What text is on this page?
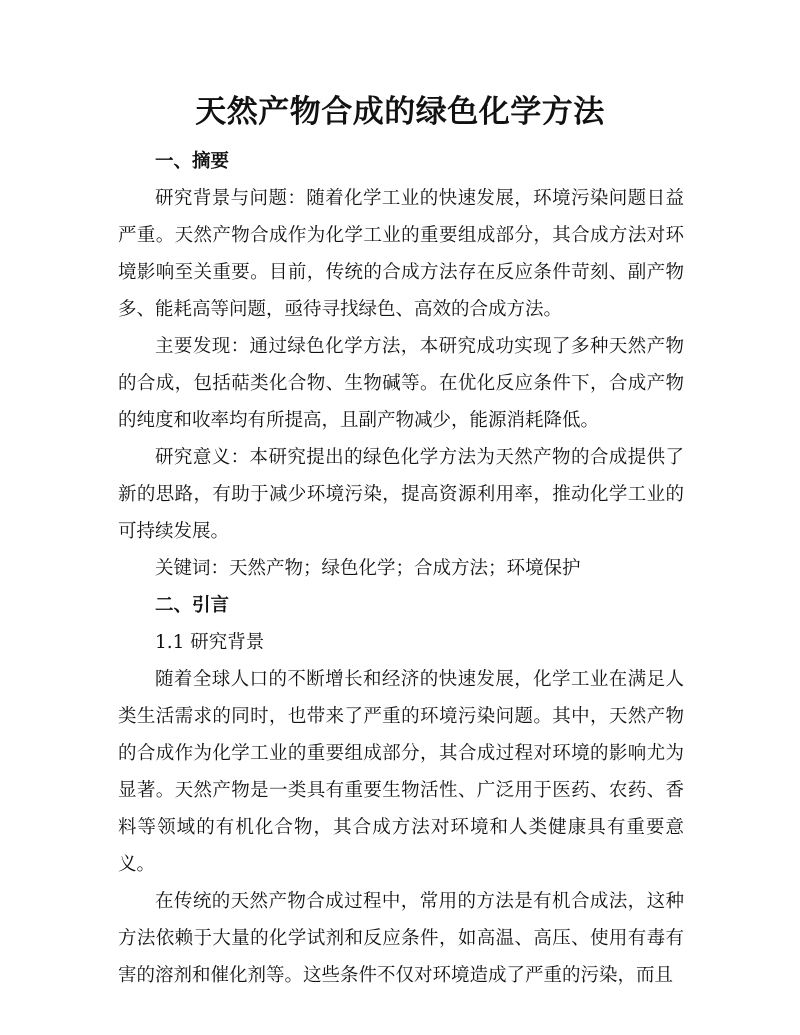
天然产物合成的绿色化学方法
一、摘要

研究背景与问题：随着化学工业的快速发展，环境污染问题日益严重。天然产物合成作为化学工业的重要组成部分，其合成方法对环境影响至关重要。目前，传统的合成方法存在反应条件苛刻、副产物多、能耗高等问题，亟待寻找绿色、高效的合成方法。

主要发现：通过绿色化学方法，本研究成功实现了多种天然产物的合成，包括萜类化合物、生物碱等。在优化反应条件下，合成产物的纯度和收率均有所提高，且副产物减少，能源消耗降低。

研究意义：本研究提出的绿色化学方法为天然产物的合成提供了新的思路，有助于减少环境污染，提高资源利用率，推动化学工业的可持续发展。

关键词：天然产物；绿色化学；合成方法；环境保护

二、引言
1.1 研究背景

随着全球人口的不断增长和经济的快速发展，化学工业在满足人类生活需求的同时，也带来了严重的环境污染问题。其中，天然产物的合成作为化学工业的重要组成部分，其合成过程对环境的影响尤为显著。天然产物是一类具有重要生物活性、广泛用于医药、农药、香料等领域的有机化合物，其合成方法对环境和人类健康具有重要意义。

在传统的天然产物合成过程中，常用的方法是有机合成法，这种方法依赖于大量的化学试剂和反应条件，如高温、高压、使用有毒有害的溶剂和催化剂等。这些条件不仅对环境造成了严重的污染，而且
